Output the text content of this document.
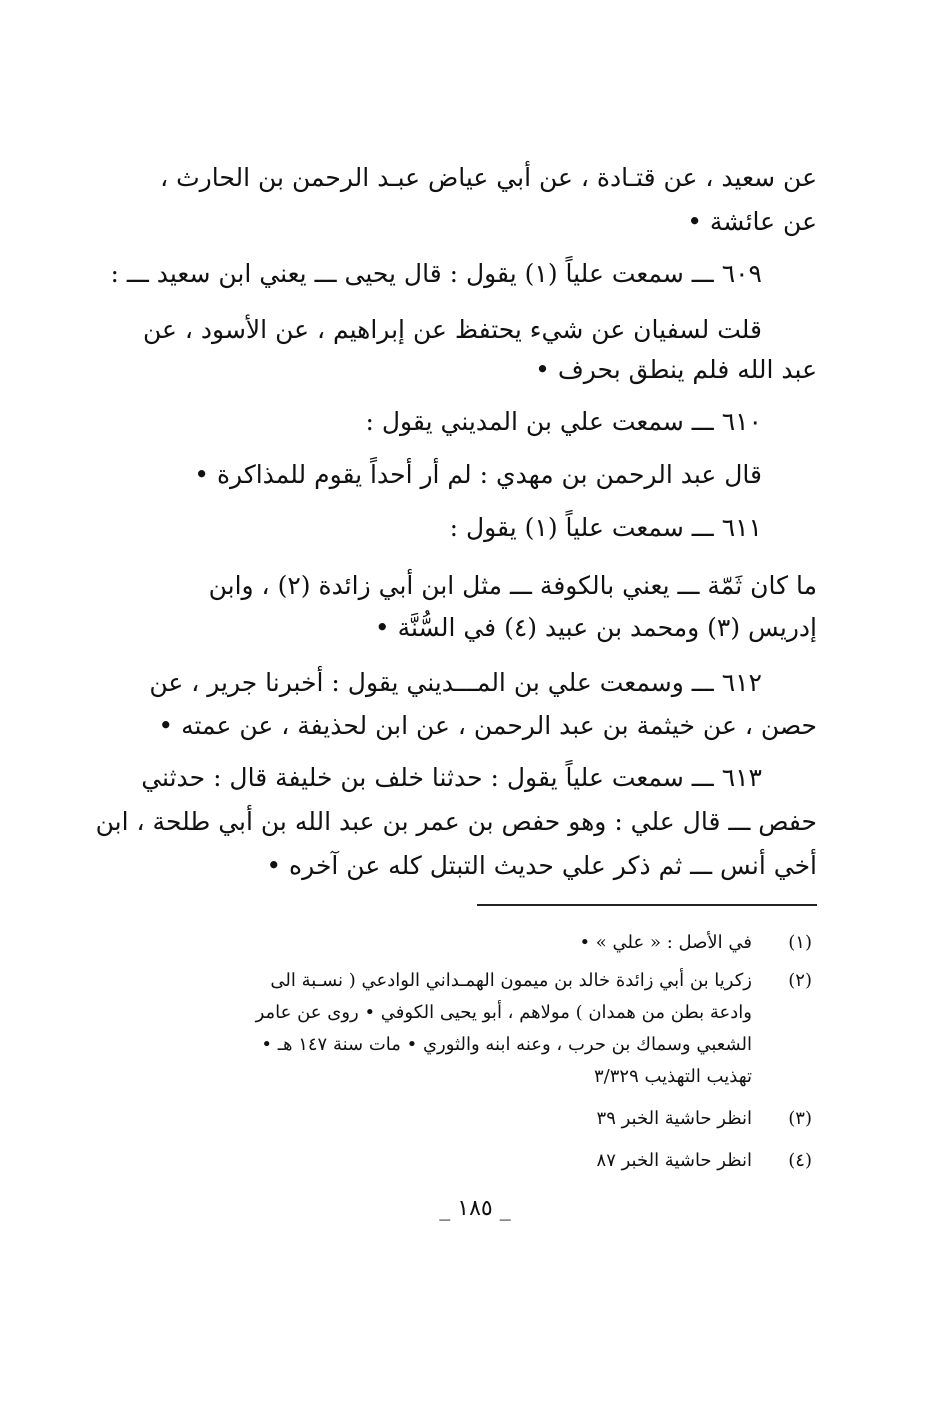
عن سعيد ، عن قتـادة ، عن أبي عياض عبـد الرحمن بن الحارث ،
عن عائشة •
٦٠٩ ـــ سمعت علياً (١) يقول : قال يحيى ـــ يعني ابن سعيد ـــ :
قلت لسفيان عن شيء يحتفظ عن إبراهيم ، عن الأسود ، عن
عبد الله فلم ينطق بحرف •
٦١٠ ـــ سمعت علي بن المديني يقول :
قال عبد الرحمن بن مهدي : لم أر أحداً يقوم للمذاكرة •
٦١١ ـــ سمعت علياً (١) يقول :
ما كان ثَمّة ـــ يعني بالكوفة ـــ مثل ابن أبي زائدة (٢) ، وابن
إدريس (٣) ومحمد بن عبيد (٤) في السُّنَّة •
٦١٢ ـــ وسمعت علي بن المـــديني يقول : أخبرنا جرير ، عن
حصن ، عن خيثمة بن عبد الرحمن ، عن ابن لحذيفة ، عن عمته •
٦١٣ ـــ سمعت علياً يقول : حدثنا خلف بن خليفة قال : حدثني
حفص ـــ قال علي : وهو حفص بن عمر بن عبد الله بن أبي طلحة ، ابن
أخي أنس ـــ ثم ذكر علي حديث التبتل كله عن آخره •
(١)
في الأصل : « علي » •
(٢)
زكريا بن أبي زائدة خالد بن ميمون الهمـداني الوادعي ( نسـبة الى
وادعة بطن من همدان ) مولاهم ، أبو يحيى الكوفي • روى عن عامر
الشعبي وسماك بن حرب ، وعنه ابنه والثوري • مات سنة ١٤٧ هـ •
تهذيب التهذيب ٣/٣٢٩
(٣)
انظر حاشية الخبر ٣٩
(٤)
انظر حاشية الخبر ٨٧
_ ١٨٥ _
